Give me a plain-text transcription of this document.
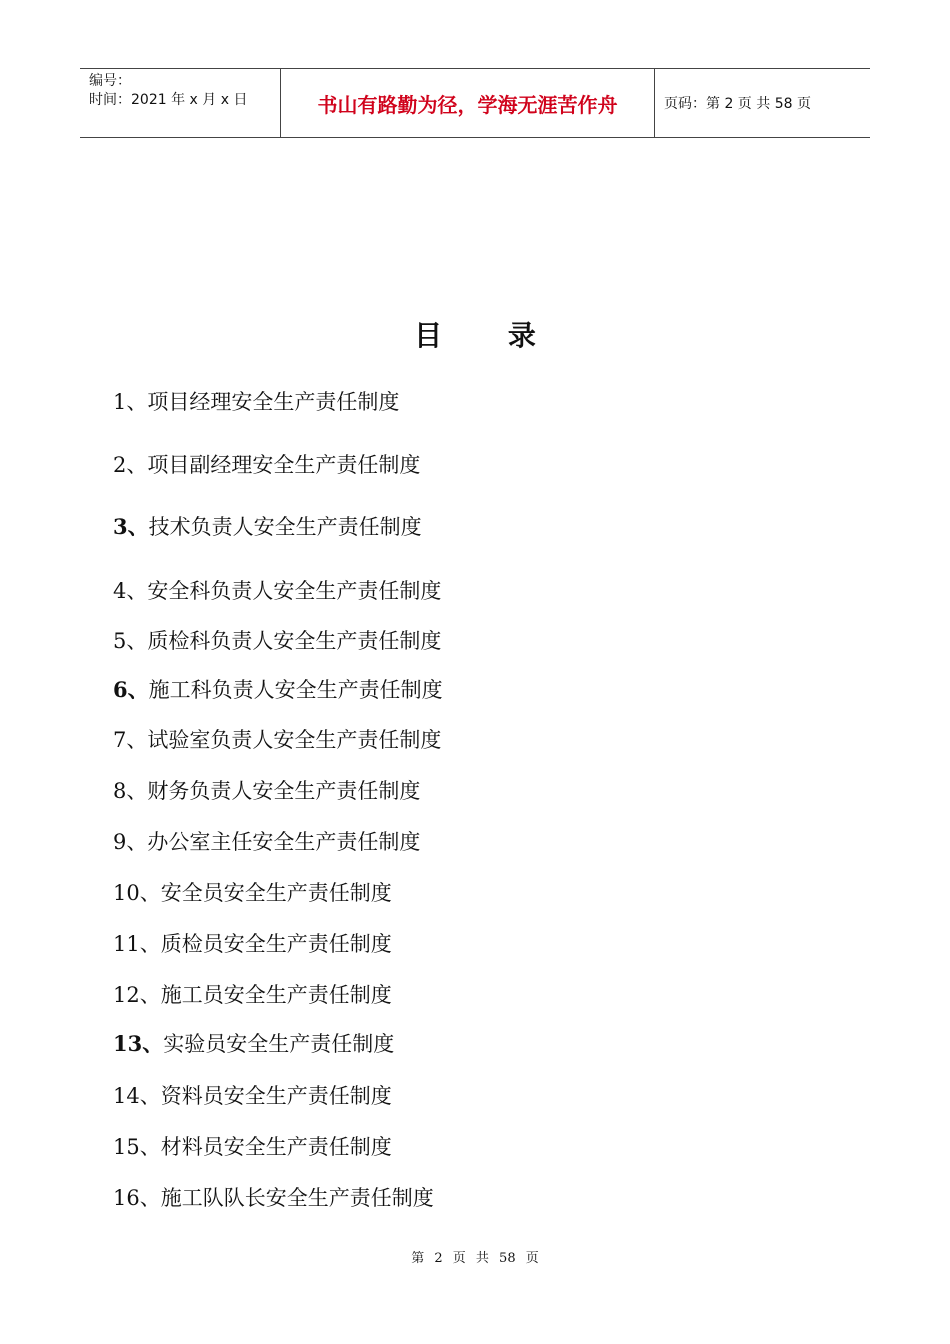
编号：
时间：2021 年 x 月 x 日	书山有路勤为径，学海无涯苦作舟	页码：第 2 页 共 58 页
目 录
1、项目经理安全生产责任制度
2、项目副经理安全生产责任制度
3、技术负责人安全生产责任制度
4、安全科负责人安全生产责任制度
5、质检科负责人安全生产责任制度
6、施工科负责人安全生产责任制度
7、试验室负责人安全生产责任制度
8、财务负责人安全生产责任制度
9、办公室主任安全生产责任制度
10、安全员安全生产责任制度
11、质检员安全生产责任制度
12、施工员安全生产责任制度
13、实验员安全生产责任制度
14、资料员安全生产责任制度
15、材料员安全生产责任制度
16、施工队队长安全生产责任制度
第 2 页 共 58 页
